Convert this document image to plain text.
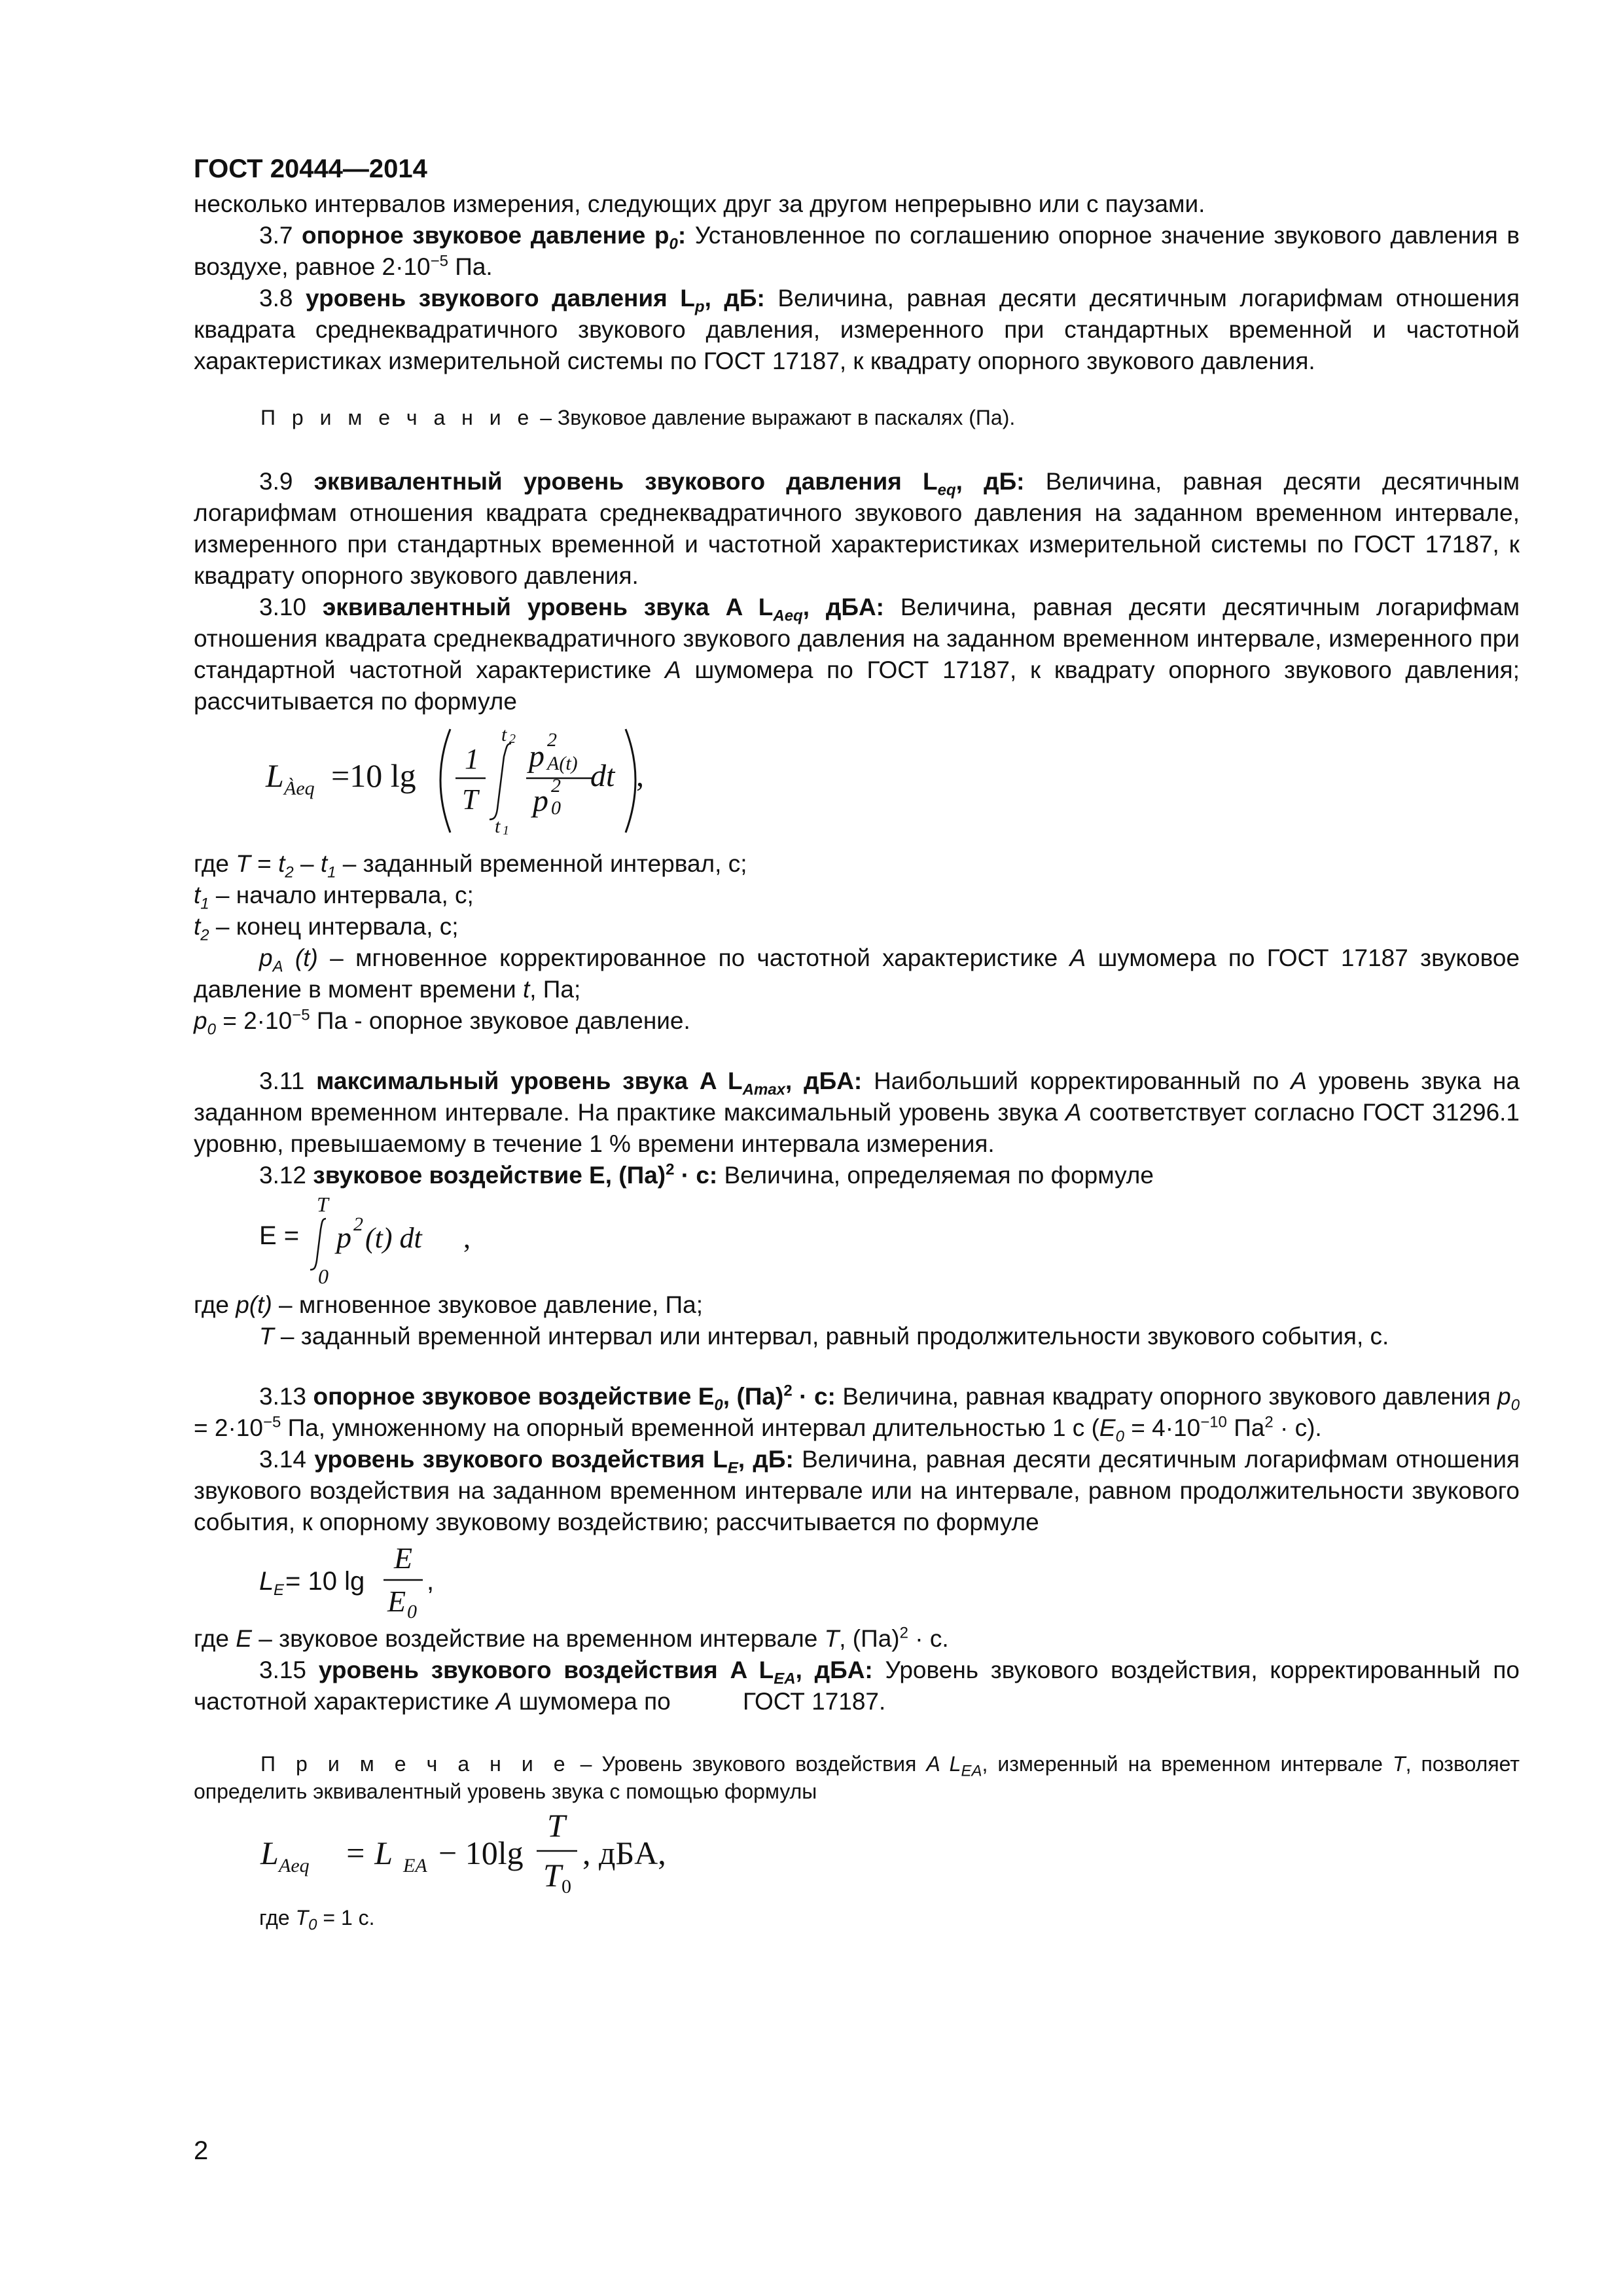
ГОСТ 20444—2014

несколько интервалов измерения, следующих друг за другом непрерывно или с паузами.

3.7 опорное звуковое давление $p_0$: Установленное по соглашению опорное значение звукового давления в воздухе, равное $2\cdot 10^{-5}$ Па.

3.8 уровень звукового давления $L_p$, дБ: Величина, равная десяти десятичным логарифмам отношения квадрата среднеквадратичного звукового давления, измеренного при стандартных временной и частотной характеристиках измерительной системы по ГОСТ 17187, к квадрату опорного звукового давления.

П р и м е ч а н и е – Звуковое давление выражают в паскалях (Па).

3.9 эквивалентный уровень звукового давления $L_{eq}$, дБ: Величина, равная десяти десятичным логарифмам отношения квадрата среднеквадратичного звукового давления на заданном временном интервале, измеренного при стандартных временной и частотной характеристиках измерительной системы по ГОСТ 17187, к квадрату опорного звукового давления.

3.10 эквивалентный уровень звука A $L_{Aeq}$, дБA: Величина, равная десяти десятичным логарифмам отношения квадрата среднеквадратичного звукового давления на заданном временном интервале, измеренного при стандартной частотной характеристике A шумомера по ГОСТ 17187, к квадрату опорного звукового давления; рассчитывается по формуле

L Àeq =10 lg 1
T
t 2
t 1
p 2
A(t)
p 0
2 dt ,

где $T = t_2 - t_1$ – заданный временной интервал, с;

$t_1$ – начало интервала, с;

$t_2$ – конец интервала, с;

$p_A$ (t) – мгновенное корректированное по частотной характеристике A шумомера по ГОСТ 17187 звуковое давление в момент времени t, Па;

$p_0 = 2\cdot 10^{-5}$ Па - опорное звуковое давление.

3.11 максимальный уровень звука A $L_{Amax}$, дБA: Наибольший корректированный по A уровень звука на заданном временном интервале. На практике максимальный уровень звука A соответствует согласно ГОСТ 31296.1 уровню, превышаемому в течение 1 % времени интервала измерения.

3.12 звуковое воздействие E, (Па)$^2$ · с: Величина, определяемая по формуле

E =
T
0
p 2 (t) dt ,

где p(t) – мгновенное звуковое давление, Па;

T – заданный временной интервал или интервал, равный продолжительности звукового события, с.

3.13 опорное звуковое воздействие $E_0$, (Па)$^2$ · с: Величина, равная квадрату опорного звукового давления $p_0 = 2\cdot 10^{-5}$ Па, умноженному на опорный временной интервал длительностью 1 с ($E_0 = 4\cdot 10^{-10}$ $Па^2 \cdot с$).

3.14 уровень звукового воздействия $L_E$, дБ: Величина, равная десяти десятичным логарифмам отношения звукового воздействия на заданном временном интервале или на интервале, равном продолжительности звукового события, к опорному звуковому воздействию; рассчитывается по формуле

L E = 10 lg
E
E 0
,

где E – звуковое воздействие на временном интервале T, (Па)$^2$ · с.

3.15 уровень звукового воздействия A $L_{EA}$, дБA: Уровень звукового воздействия, корректированный по частотной характеристике A шумомера по	ГОСТ 17187.

П р и м е ч а н и е – Уровень звукового воздействия A $L_{EA}$, измеренный на временном интервале T, позволяет определить эквивалентный уровень звука с помощью формулы
L Aeq = L EA − 10lg
T
T 0
, дБA,

где $T_0 = 1$ с.

2
